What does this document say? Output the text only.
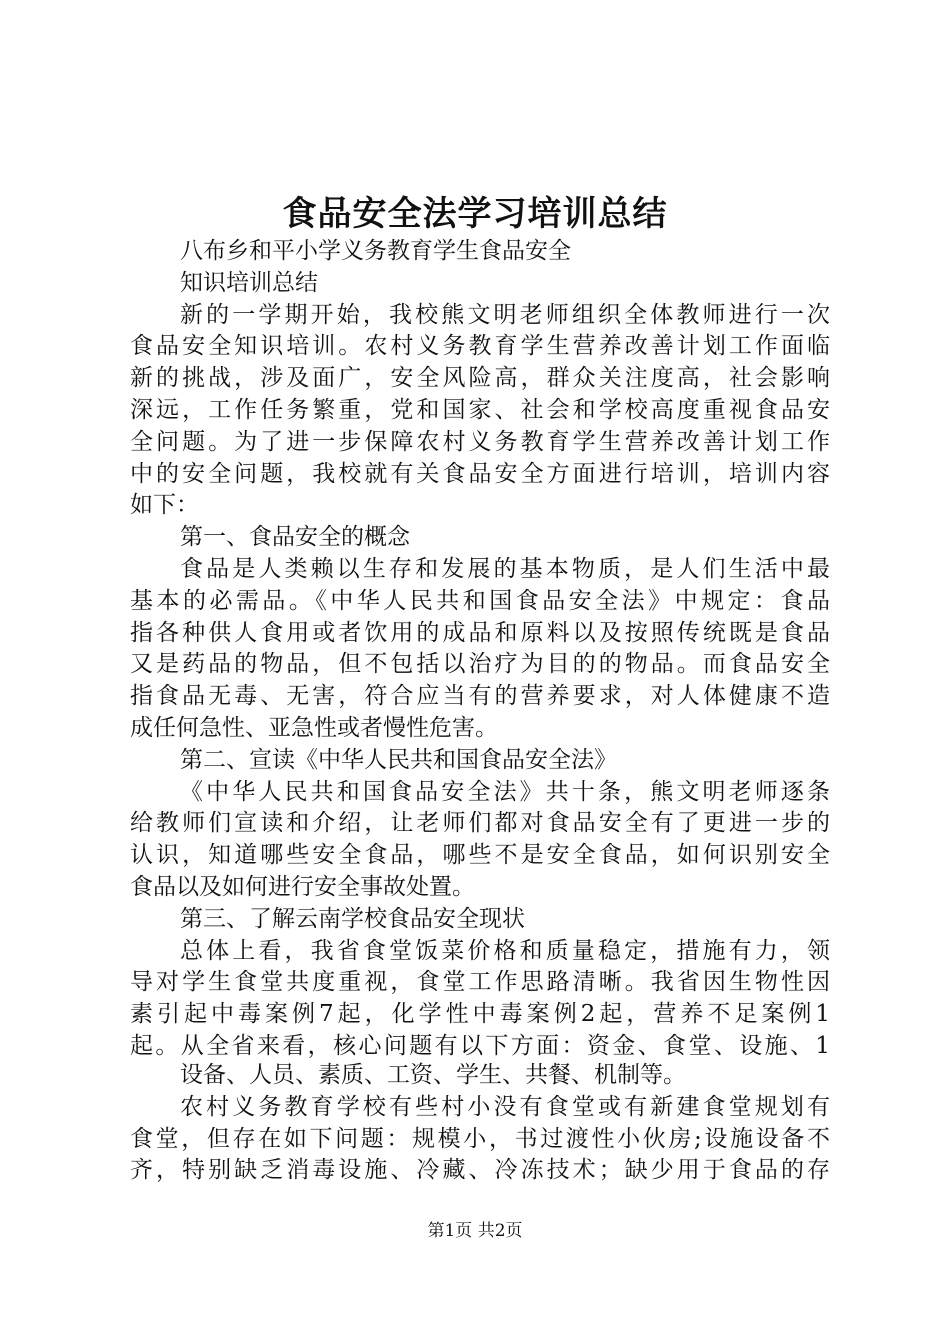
食品安全法学习培训总结
八布乡和平小学义务教育学生食品安全
知识培训总结
新的一学期开始，我校熊文明老师组织全体教师进行一次
食品安全知识培训。农村义务教育学生营养改善计划工作面临
新的挑战，涉及面广，安全风险高，群众关注度高，社会影响
深远，工作任务繁重，党和国家、社会和学校高度重视食品安
全问题。为了进一步保障农村义务教育学生营养改善计划工作
中的安全问题，我校就有关食品安全方面进行培训，培训内容
如下：
第一、食品安全的概念
食品是人类赖以生存和发展的基本物质，是人们生活中最
基本的必需品。《中华人民共和国食品安全法》中规定：食品
指各种供人食用或者饮用的成品和原料以及按照传统既是食品
又是药品的物品，但不包括以治疗为目的的物品。而食品安全
指食品无毒、无害，符合应当有的营养要求，对人体健康不造
成任何急性、亚急性或者慢性危害。
第二、宣读《中华人民共和国食品安全法》
《中华人民共和国食品安全法》共十条，熊文明老师逐条
给教师们宣读和介绍，让老师们都对食品安全有了更进一步的
认识，知道哪些安全食品，哪些不是安全食品，如何识别安全
食品以及如何进行安全事故处置。
第三、了解云南学校食品安全现状
总体上看，我省食堂饭菜价格和质量稳定，措施有力，领
导对学生食堂共度重视，食堂工作思路清晰。我省因生物性因
素引起中毒案例7起，化学性中毒案例2起，营养不足案例1
起。从全省来看，核心问题有以下方面：资金、食堂、设施、1
设备、人员、素质、工资、学生、共餐、机制等。
农村义务教育学校有些村小没有食堂或有新建食堂规划有
食堂，但存在如下问题：规模小，书过渡性小伙房;设施设备不
齐，特别缺乏消毒设施、冷藏、冷冻技术；缺少用于食品的存
第1页 共2页
